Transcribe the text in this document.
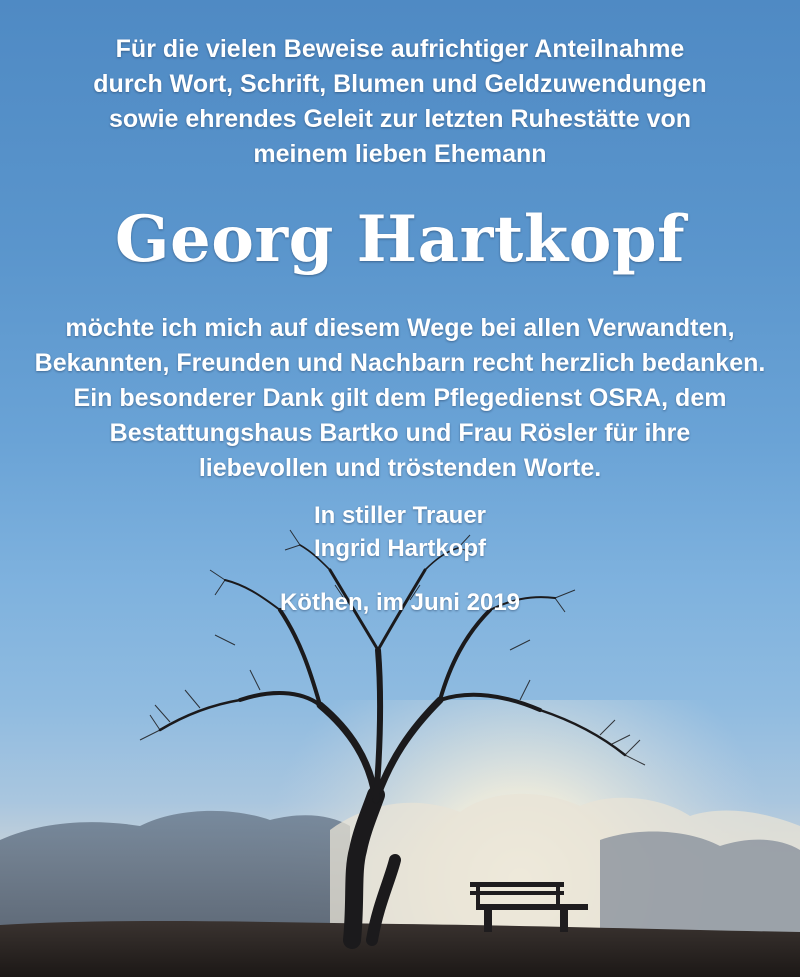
Für die vielen Beweise aufrichtiger Anteilnahme
durch Wort, Schrift, Blumen und Geldzuwendungen
sowie ehrendes Geleit zur letzten Ruhestätte von
meinem lieben Ehemann
Georg Hartkopf
möchte ich mich auf diesem Wege bei allen Verwandten,
Bekannten, Freunden und Nachbarn recht herzlich bedanken.
Ein besonderer Dank gilt dem Pflegedienst OSRA, dem
Bestattungshaus Bartko und Frau Rösler für ihre
liebevollen und tröstenden Worte.
In stiller Trauer
Ingrid Hartkopf
Köthen, im Juni 2019
